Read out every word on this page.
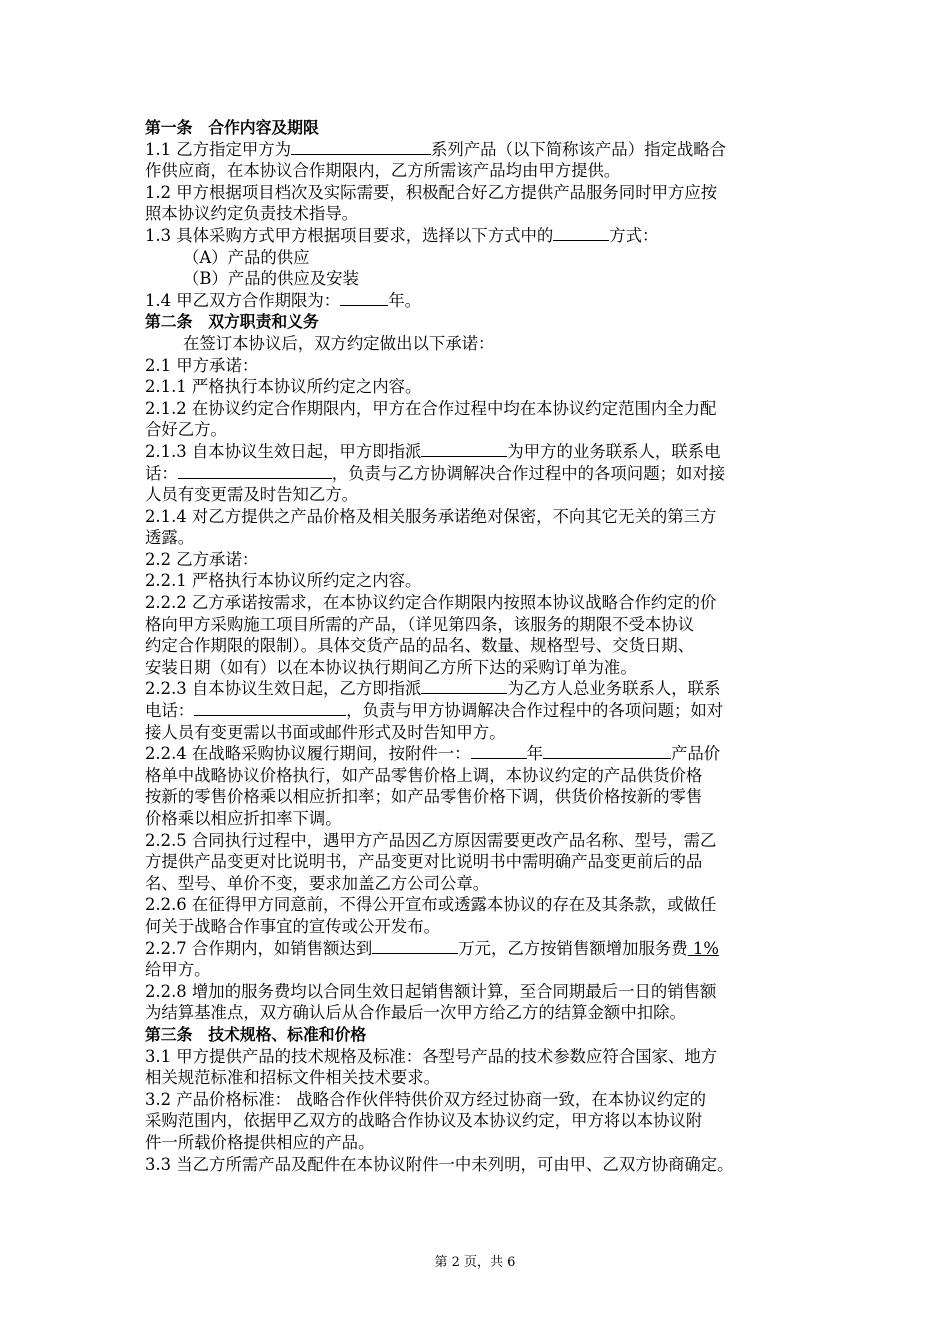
第一条　合作内容及期限
1.1 乙方指定甲方为	系列产品（以下简称该产品）指定战略合
作供应商，在本协议合作期限内，乙方所需该产品均由甲方提供。
1.2 甲方根据项目档次及实际需要，积极配合好乙方提供产品服务同时甲方应按
照本协议约定负责技术指导。
1.3 具体采购方式甲方根据项目要求，选择以下方式中的	方式：
（A）产品的供应
（B）产品的供应及安装
1.4 甲乙双方合作期限为：	年。
第二条　双方职责和义务
在签订本协议后，双方约定做出以下承诺：
2.1 甲方承诺：
2.1.1 严格执行本协议所约定之内容。
2.1.2 在协议约定合作期限内，甲方在合作过程中均在本协议约定范围内全力配
合好乙方。
2.1.3 自本协议生效日起，甲方即指派	为甲方的业务联系人，联系电
话：	，负责与乙方协调解决合作过程中的各项问题；如对接
人员有变更需及时告知乙方。
2.1.4 对乙方提供之产品价格及相关服务承诺绝对保密，不向其它无关的第三方
透露。
2.2 乙方承诺：
2.2.1 严格执行本协议所约定之内容。
2.2.2 乙方承诺按需求，在本协议约定合作期限内按照本协议战略合作约定的价
格向甲方采购施工项目所需的产品，（详见第四条，该服务的期限不受本协议
约定合作期限的限制）。具体交货产品的品名、数量、规格型号、交货日期、
安装日期（如有）以在本协议执行期间乙方所下达的采购订单为准。
2.2.3 自本协议生效日起，乙方即指派	为乙方人总业务联系人，联系
电话：	，负责与甲方协调解决合作过程中的各项问题；如对
接人员有变更需以书面或邮件形式及时告知甲方。
2.2.4 在战略采购协议履行期间，按附件一：	年	产品价
格单中战略协议价格执行，如产品零售价格上调，本协议约定的产品供货价格
按新的零售价格乘以相应折扣率；如产品零售价格下调，供货价格按新的零售
价格乘以相应折扣率下调。
2.2.5 合同执行过程中，遇甲方产品因乙方原因需要更改产品名称、型号，需乙
方提供产品变更对比说明书，产品变更对比说明书中需明确产品变更前后的品
名、型号、单价不变，要求加盖乙方公司公章。
2.2.6 在征得甲方同意前，不得公开宣布或透露本协议的存在及其条款，或做任
何关于战略合作事宜的宣传或公开发布。
2.2.7 合作期内，如销售额达到	万元，乙方按销售额增加服务费 1%
给甲方。
2.2.8 增加的服务费均以合同生效日起销售额计算，至合同期最后一日的销售额
为结算基准点，双方确认后从合作最后一次甲方给乙方的结算金额中扣除。
第三条　技术规格、标准和价格
3.1 甲方提供产品的技术规格及标准：各型号产品的技术参数应符合国家、地方
相关规范标准和招标文件相关技术要求。
3.2 产品价格标准： 战略合作伙伴特供价双方经过协商一致，在本协议约定的
采购范围内，依据甲乙双方的战略合作协议及本协议约定，甲方将以本协议附
件一所载价格提供相应的产品。
3.3 当乙方所需产品及配件在本协议附件一中未列明，可由甲、乙双方协商确定。
第 2 页，共 6
